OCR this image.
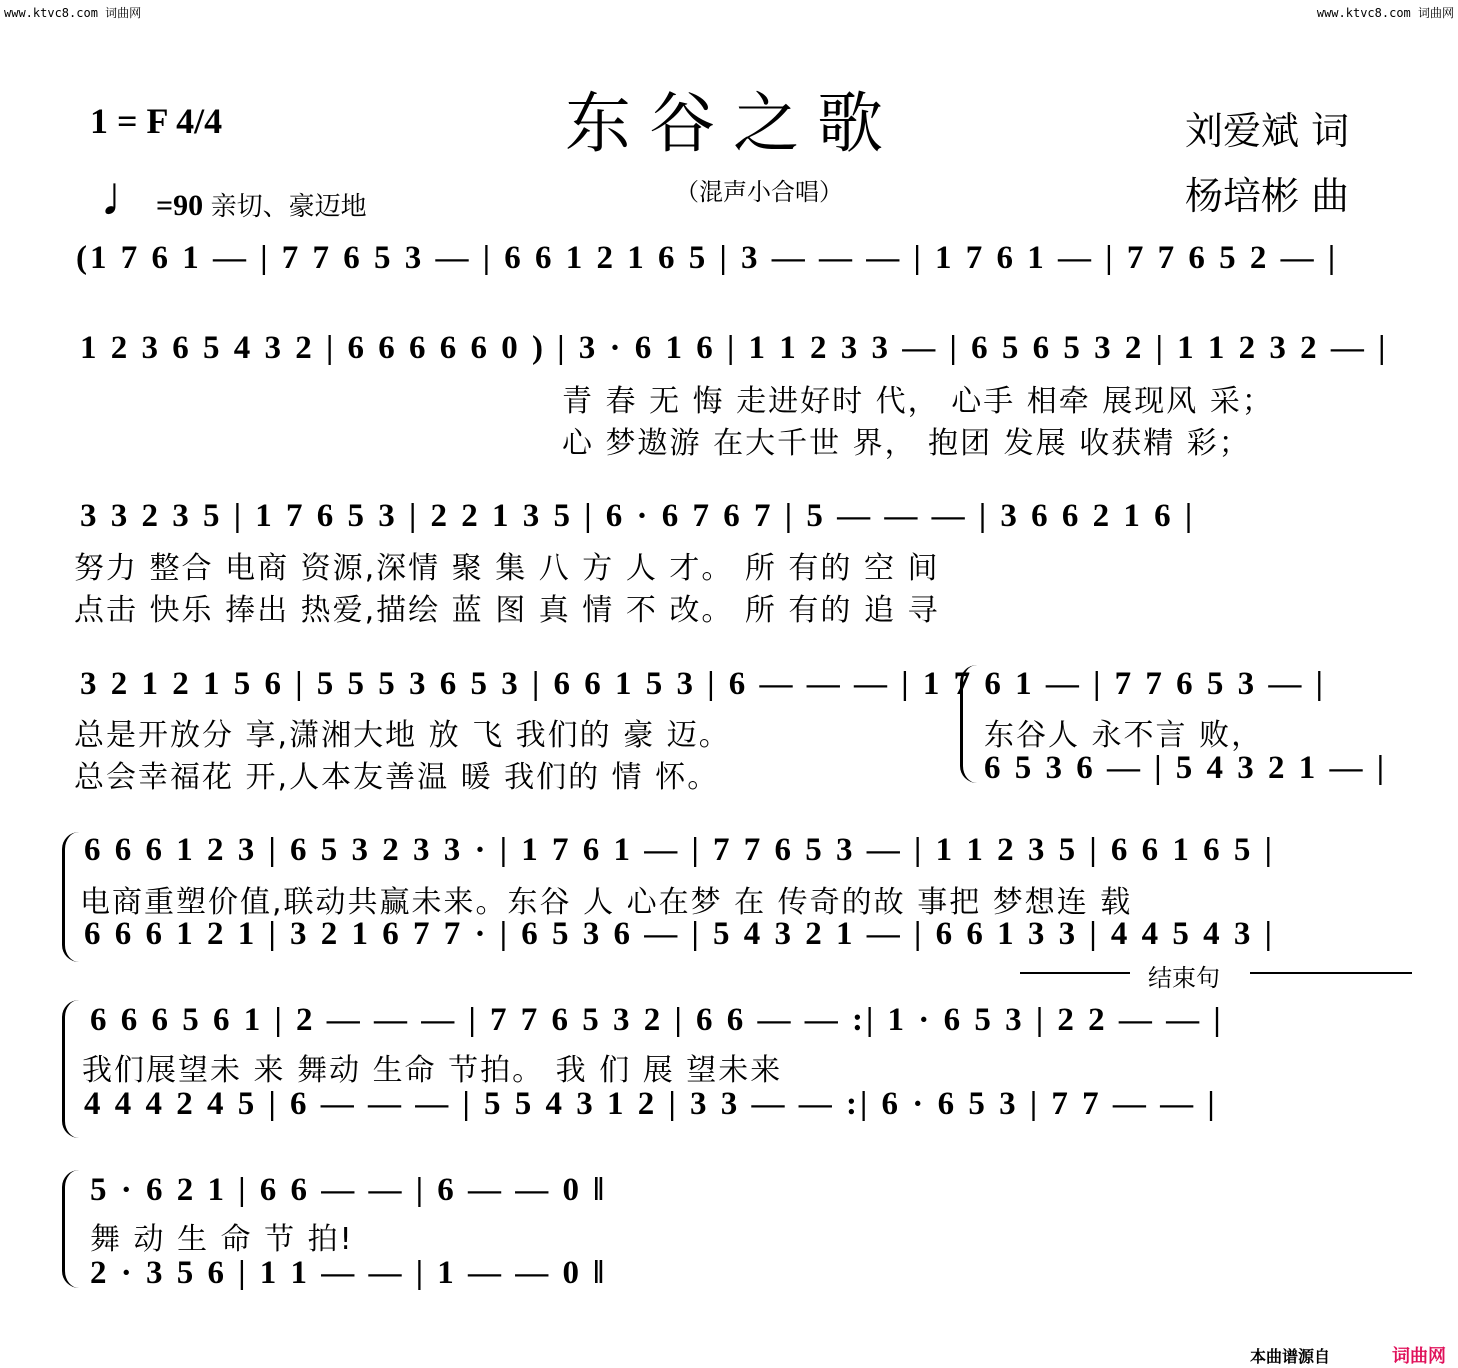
www.ktvc8.com 词曲网	www.ktvc8.com 词曲网
1 = F 4/4	东谷之歌	刘爱斌 词
♩=90 亲切、豪迈地	（混声小合唱）	杨培彬 曲
(1 7 6 1 — | 7 7 6 5 3 — | 6 6 1 2 1 6 5 | 3 — — — | 1 7 6 1 — | 7 7 6 5 2 — |
1 2 3 6 5 4 3 2 | 6 6 6 6 6 0 ) | 3 · 6 1 6 | 1 1 2 3 3 — | 6 5 6 5 3 2 | 1 1 2 3 2 — |
青 春 无 悔 走进好时 代， 心手 相牵 展现风 采；
心 梦遨游 在大千世 界， 抱团 发展 收获精 彩；
3 3 2 3 5 | 1 7 6 5 3 | 2 2 1 3 5 | 6 · 6 7 6 7 | 5 — — — | 3 6 6 2 1 6 |
努力 整合 电商 资源,深情 聚 集 八 方 人 才。 所 有的 空 间
点击 快乐 捧出 热爱,描绘 蓝 图 真 情 不 改。 所 有的 追 寻
3 2 1 2 1 5 6 | 5 5 5 3 6 5 3 | 6 6 1 5 3 | 6 — — — | 1 7 6 1 — | 7 7 6 5 3 — |
总是开放分 享,潇湘大地 放 飞 我们的 豪 迈。	东谷人 永不言 败，
总会幸福花 开,人本友善温 暖 我们的 情 怀。	6 5 3 6 — | 5 4 3 2 1 — |
6 6 6 1 2 3 | 6 5 3 2 3 3 · | 1 7 6 1 — | 7 7 6 5 3 — | 1 1 2 3 5 | 6 6 1 6 5 |
电商重塑价值,联动共赢未来。东谷 人 心在梦 在 传奇的故 事把 梦想连 载
6 6 6 1 2 1 | 3 2 1 6 7 7 · | 6 5 3 6 — | 5 4 3 2 1 — | 6 6 1 3 3 | 4 4 5 4 3 |
结束句
6 6 6 5 6 1 | 2 — — — | 7 7 6 5 3 2 | 6 6 — — :| 1 · 6 5 3 | 2 2 — — |
我们展望未 来 舞动 生命 节拍。 我 们 展 望未来
4 4 4 2 4 5 | 6 — — — | 5 5 4 3 1 2 | 3 3 — — :| 6 · 6 5 3 | 7 7 — — |
5 · 6 2 1 | 6 6 — — | 6 — — 0 ‖
舞 动 生 命 节 拍!
2 · 3 5 6 | 1 1 — — | 1 — — 0 ‖
本曲谱源自	词曲网
